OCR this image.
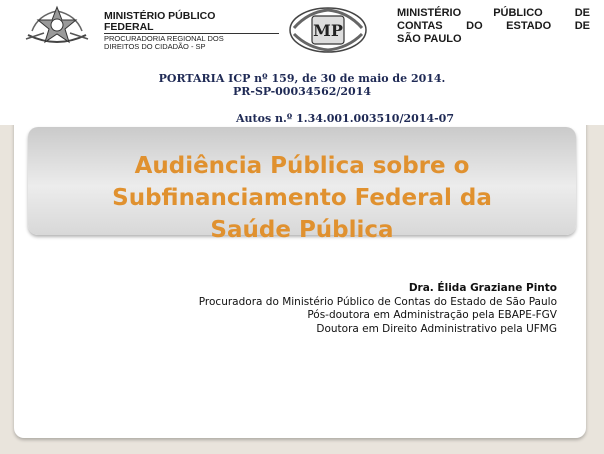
MINISTÉRIO PÚBLICO
FEDERAL
PROCURADORIA REGIONAL DOS
DIREITOS DO CIDADÃO - SP
MP
MINISTÉRIO PÚBLICO DE
CONTAS DO ESTADO DE
SÃO PAULO
PORTARIA ICP nº 159, de 30 de maio de 2014.
PR-SP-00034562/2014
Autos n.º 1.34.001.003510/2014-07
Audiência Pública sobre o
Subfinanciamento Federal da
Saúde Pública
Dra. Élida Graziane Pinto
Procuradora do Ministério Público de Contas do Estado de São Paulo
Pós-doutora em Administração pela EBAPE-FGV
Doutora em Direito Administrativo pela UFMG
